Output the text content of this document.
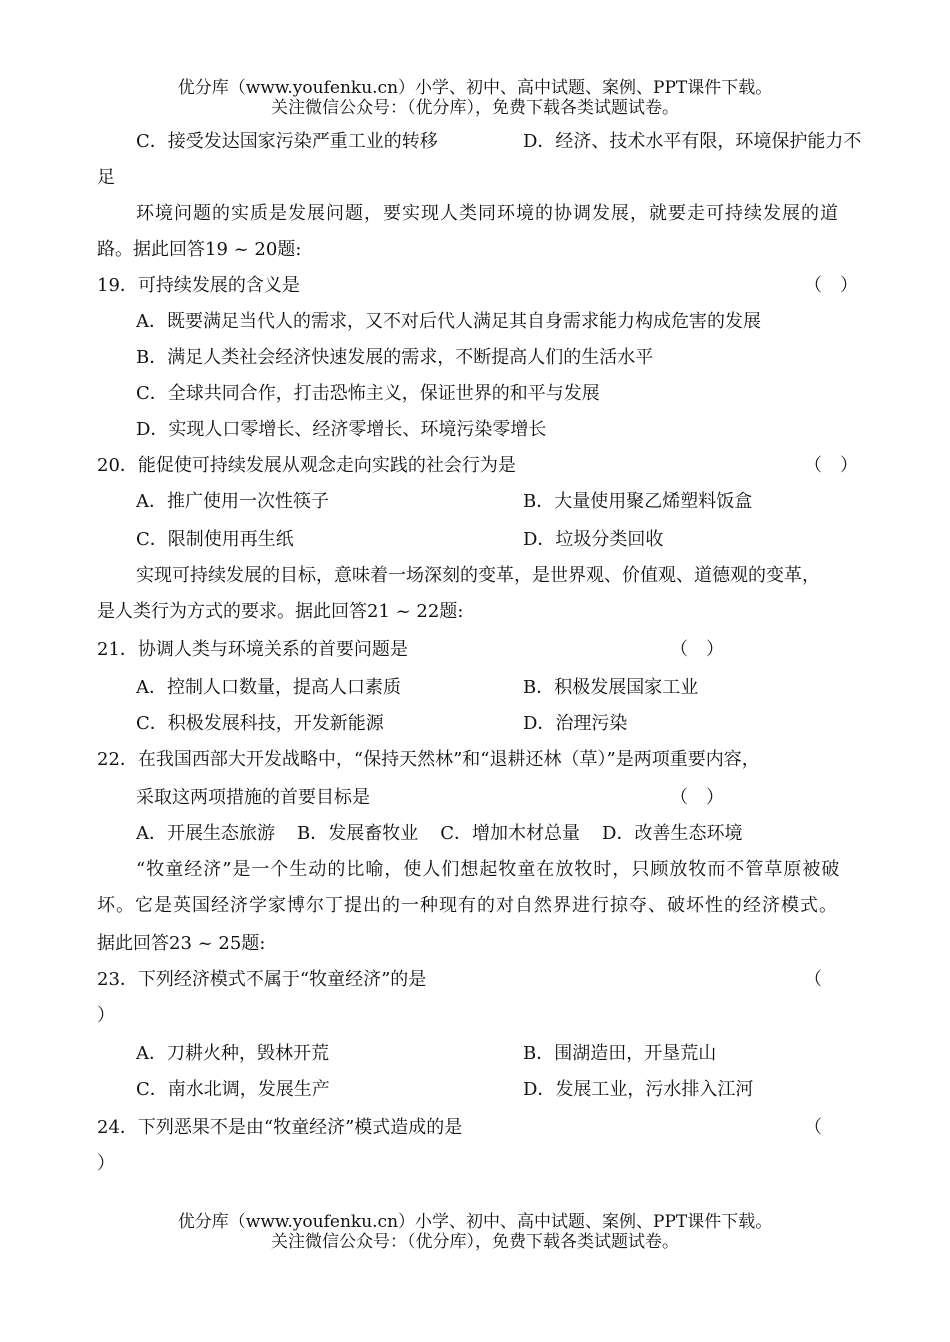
优分库（www.youfenku.cn）小学、初中、高中试题、案例、PPT课件下载。
关注微信公众号：（优分库），免费下载各类试题试卷。
C．接受发达国家污染严重工业的转移	D．经济、技术水平有限，环境保护能力不
足
环境问题的实质是发展问题，要实现人类同环境的协调发展，就要走可持续发展的道
路。据此回答19 ~ 20题:
19．可持续发展的含义是	（　）
A．既要满足当代人的需求，又不对后代人满足其自身需求能力构成危害的发展
B．满足人类社会经济快速发展的需求，不断提高人们的生活水平
C．全球共同合作，打击恐怖主义，保证世界的和平与发展
D．实现人口零增长、经济零增长、环境污染零增长
20．能促使可持续发展从观念走向实践的社会行为是	（　）
A．推广使用一次性筷子	B．大量使用聚乙烯塑料饭盒
C．限制使用再生纸	D．垃圾分类回收
实现可持续发展的目标，意味着一场深刻的变革，是世界观、价值观、道德观的变革，
是人类行为方式的要求。据此回答21 ~ 22题:
21．协调人类与环境关系的首要问题是	（　）
A．控制人口数量，提高人口素质	B．积极发展国家工业
C．积极发展科技，开发新能源	D．治理污染
22．在我国西部大开发战略中，“保持天然林”和“退耕还林（草）”是两项重要内容，
采取这两项措施的首要目标是	（　）
A．开展生态旅游 B．发展畜牧业 C．增加木材总量 D．改善生态环境
“牧童经济”是一个生动的比喻，使人们想起牧童在放牧时，只顾放牧而不管草原被破
坏。它是英国经济学家博尔丁提出的一种现有的对自然界进行掠夺、破坏性的经济模式。
据此回答23 ~ 25题:
23．下列经济模式不属于“牧童经济”的是	（
）
A．刀耕火种，毁林开荒	B．围湖造田，开垦荒山
C．南水北调，发展生产	D．发展工业，污水排入江河
24．下列恶果不是由“牧童经济”模式造成的是	（
）
优分库（www.youfenku.cn）小学、初中、高中试题、案例、PPT课件下载。
关注微信公众号：（优分库），免费下载各类试题试卷。
